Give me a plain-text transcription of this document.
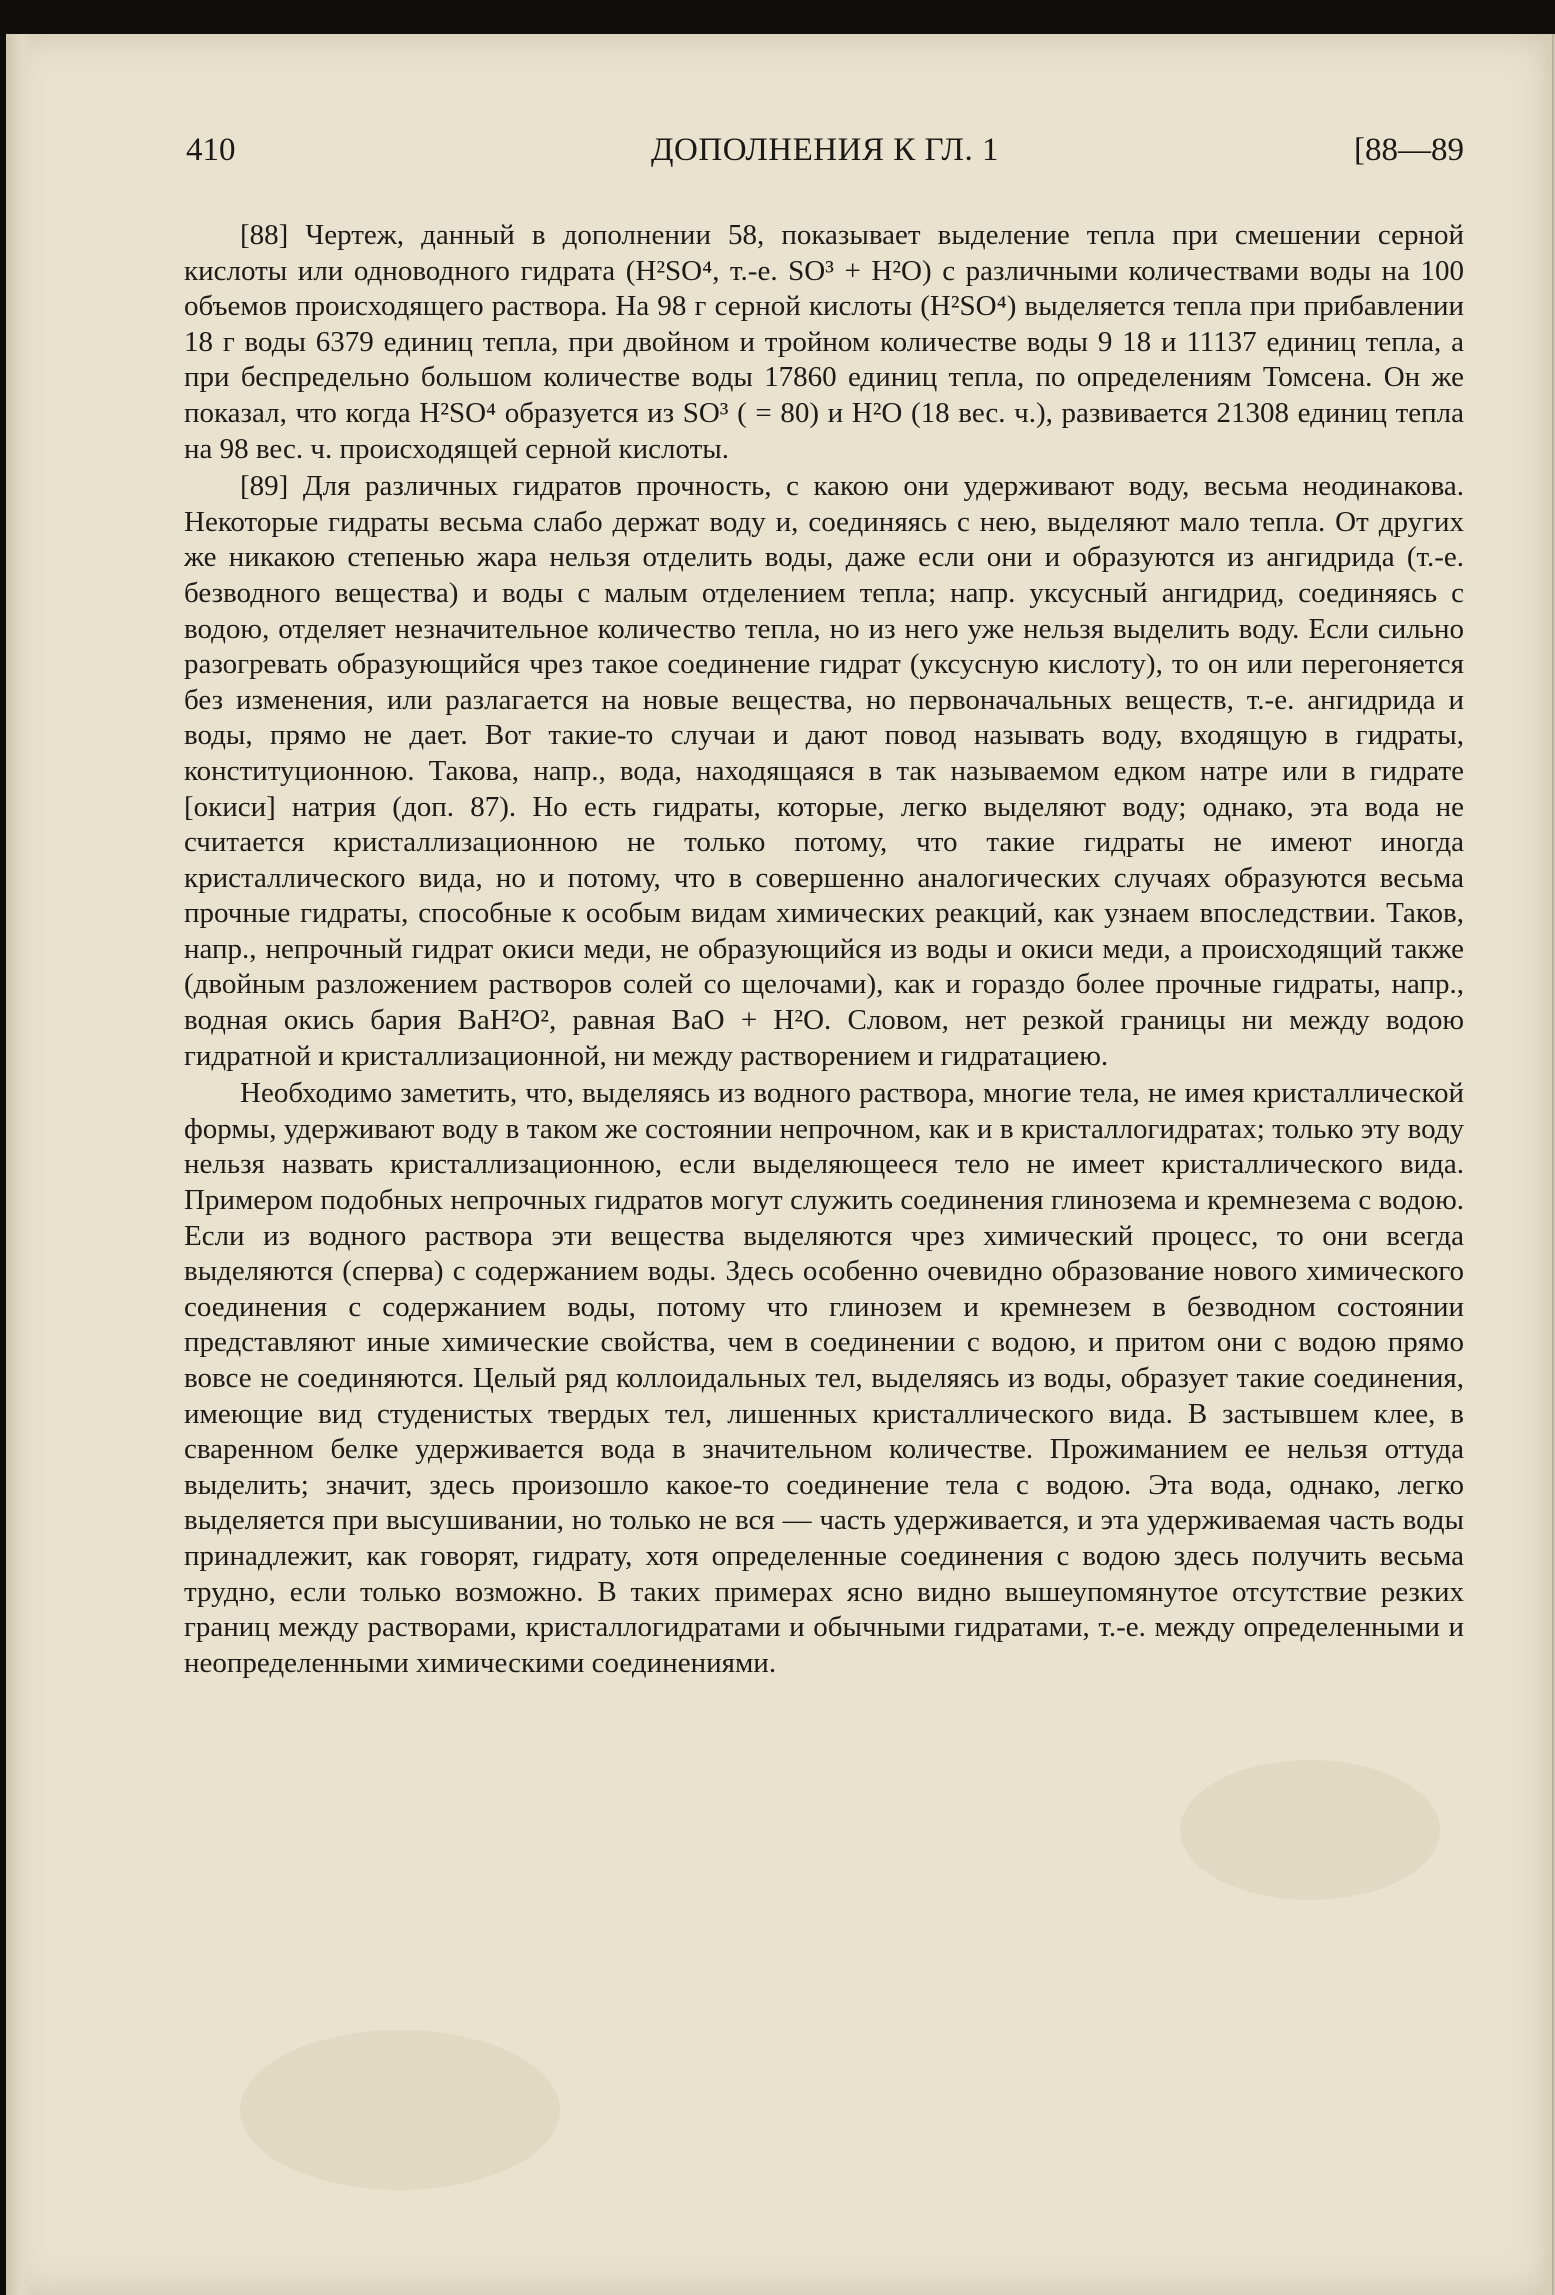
410	ДОПОЛНЕНИЯ К ГЛ. 1	[88—89

[88] Чертеж, данный в дополнении 58, показывает выделение тепла при смешении серной кислоты или одноводного гидрата (H²SO⁴, т.-е. SO³ + H²O) с различными количествами воды на 100 объемов происходящего раствора. На 98 г серной кислоты (H²SO⁴) выделяется тепла при прибавлении 18 г воды 6379 единиц тепла, при двойном и тройном количестве воды 9 18 и 11137 единиц тепла, а при беспредельно большом количестве воды 17860 единиц тепла, по определениям Томсена. Он же показал, что когда H²SO⁴ образуется из SO³ ( = 80) и H²O (18 вес. ч.), развивается 21308 единиц тепла на 98 вес. ч. происходящей серной кислоты.

[89] Для различных гидратов прочность, с какою они удерживают воду, весьма неодинакова. Некоторые гидраты весьма слабо держат воду и, соединяясь с нею, выделяют мало тепла. От других же никакою степенью жара нельзя отделить воды, даже если они и образуются из ангидрида (т.-е. безводного вещества) и воды с малым отделением тепла; напр. уксусный ангидрид, соединяясь с водою, отделяет незначительное количество тепла, но из него уже нельзя выделить воду. Если сильно разогревать образующийся чрез такое соединение гидрат (уксусную кислоту), то он или перегоняется без изменения, или разлагается на новые вещества, но первоначальных веществ, т.-е. ангидрида и воды, прямо не дает. Вот такие-то случаи и дают повод называть воду, входящую в гидраты, конституционною. Такова, напр., вода, находящаяся в так называемом едком натре или в гидрате [окиси] натрия (доп. 87). Но есть гидраты, которые, легко выделяют воду; однако, эта вода не считается кристаллизационною не только потому, что такие гидраты не имеют иногда кристаллического вида, но и потому, что в совершенно аналогических случаях образуются весьма прочные гидраты, способные к особым видам химических реакций, как узнаем впоследствии. Таков, напр., непрочный гидрат окиси меди, не образующийся из воды и окиси меди, а происходящий также (двойным разложением растворов солей со щелочами), как и гораздо более прочные гидраты, напр., водная окись бария BaH²O², равная BaO + H²O. Словом, нет резкой границы ни между водою гидратной и кристаллизационной, ни между растворением и гидратациею.

Необходимо заметить, что, выделяясь из водного раствора, многие тела, не имея кристаллической формы, удерживают воду в таком же состоянии непрочном, как и в кристаллогидратах; только эту воду нельзя назвать кристаллизационною, если выделяющееся тело не имеет кристаллического вида. Примером подобных непрочных гидратов могут служить соединения глинозема и кремнезема с водою. Если из водного раствора эти вещества выделяются чрез химический процесс, то они всегда выделяются (сперва) с содержанием воды. Здесь особенно очевидно образование нового химического соединения с содержанием воды, потому что глинозем и кремнезем в безводном состоянии представляют иные химические свойства, чем в соединении с водою, и притом они с водою прямо вовсе не соединяются. Целый ряд коллоидальных тел, выделяясь из воды, образует такие соединения, имеющие вид студенистых твердых тел, лишенных кристаллического вида. В застывшем клее, в сваренном белке удерживается вода в значительном количестве. Прожиманием ее нельзя оттуда выделить; значит, здесь произошло какое-то соединение тела с водою. Эта вода, однако, легко выделяется при высушивании, но только не вся — часть удерживается, и эта удерживаемая часть воды принадлежит, как говорят, гидрату, хотя определенные соединения с водою здесь получить весьма трудно, если только возможно. В таких примерах ясно видно вышеупомянутое отсутствие резких границ между растворами, кристаллогидратами и обычными гидратами, т.-е. между определенными и неопределенными химическими соединениями.
